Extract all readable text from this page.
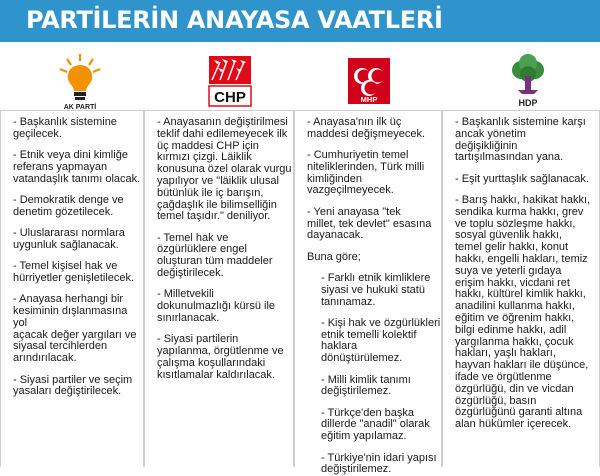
PARTİLERİN ANAYASA VAATLERİ
AK PARTİ
CHP	MHP	HDP
- Başkanlık sistemine
geçilecek.
- Etnik veya dini kimliğe
referans yapmayan
vatandaşlık tanımı olacak.
- Demokratik denge ve
denetim gözetilecek.
- Uluslararası normlara
uygunluk sağlanacak.
- Temel kişisel hak ve
hürriyetler genişletilecek.
- Anayasa herhangi bir
kesiminin dışlanmasına yol
açacak değer yargıları ve
siyasal tercihlerden
arındırılacak.
- Siyasi partiler ve seçim
yasaları değiştirilecek.
- Anayasanın değiştirilmesi
teklif dahi edilemeyecek ilk
üç maddesi CHP için
kırmızı çizgi. Läiklik
konusuna özel olarak vurgu
yapılıyor ve "läiklik ulusal
bütünlük ile iç barışın,
çağdaşlık ile bilimselliğin
temel taşıdır." deniliyor.
- Temel hak ve
özgürlüklere engel
oluşturan tüm maddeler
değiştirilecek.
- Milletvekili
dokunulmazlığı kürsü ile
sınırlanacak.
- Siyasi partilerin
yapılanma, örgütlenme ve
çalışma koşullarındaki
kısıtlamalar kaldırılacak.
- Anayasa'nın ilk üç
maddesi değişmeyecek.
- Cumhuriyetin temel
niteliklerinden, Türk milli
kimliğinden
vazgeçilmeyecek.
- Yeni anayasa "tek
millet, tek devlet" esasına
dayanacak.
Buna göre;
- Farklı etnik kimliklere
siyasi ve hukuki statü
tanınamaz.
- Kişi hak ve özgürlükleri
etnik temelli kolektif
haklara dönüştürülemez.
- Milli kimlik tanımı
değiştirilemez.
- Türkçe'den başka
dillerde "anadil" olarak
eğitim yapılamaz.
- Türkiye'nin idari yapısı
değiştirilemez.
- Başkanlık sistemine karşı
ancak yönetim
değişikliğinin
tartışılmasından yana.
- Eşit yurttaşlık sağlanacak.
- Barış hakkı, hakikat hakkı,
sendika kurma hakkı, grev
ve toplu sözleşme hakkı,
sosyal güvenlik hakkı,
temel gelir hakkı, konut
hakkı, engelli hakları, temiz
suya ve yeterli gıdaya
erişim hakkı, vicdani ret
hakkı, kültürel kimlik hakkı,
anadilini kullanma hakkı,
eğitim ve öğrenim hakkı,
bilgi edinme hakkı, adil
yargılanma hakkı, çocuk
hakları, yaşlı hakları,
hayvan hakları ile düşünce,
ifade ve örgütlenme
özgürlüğü, din ve vicdan
özgürlüğü, basın
özgürlüğünü garanti altına
alan hükümler içerecek.
